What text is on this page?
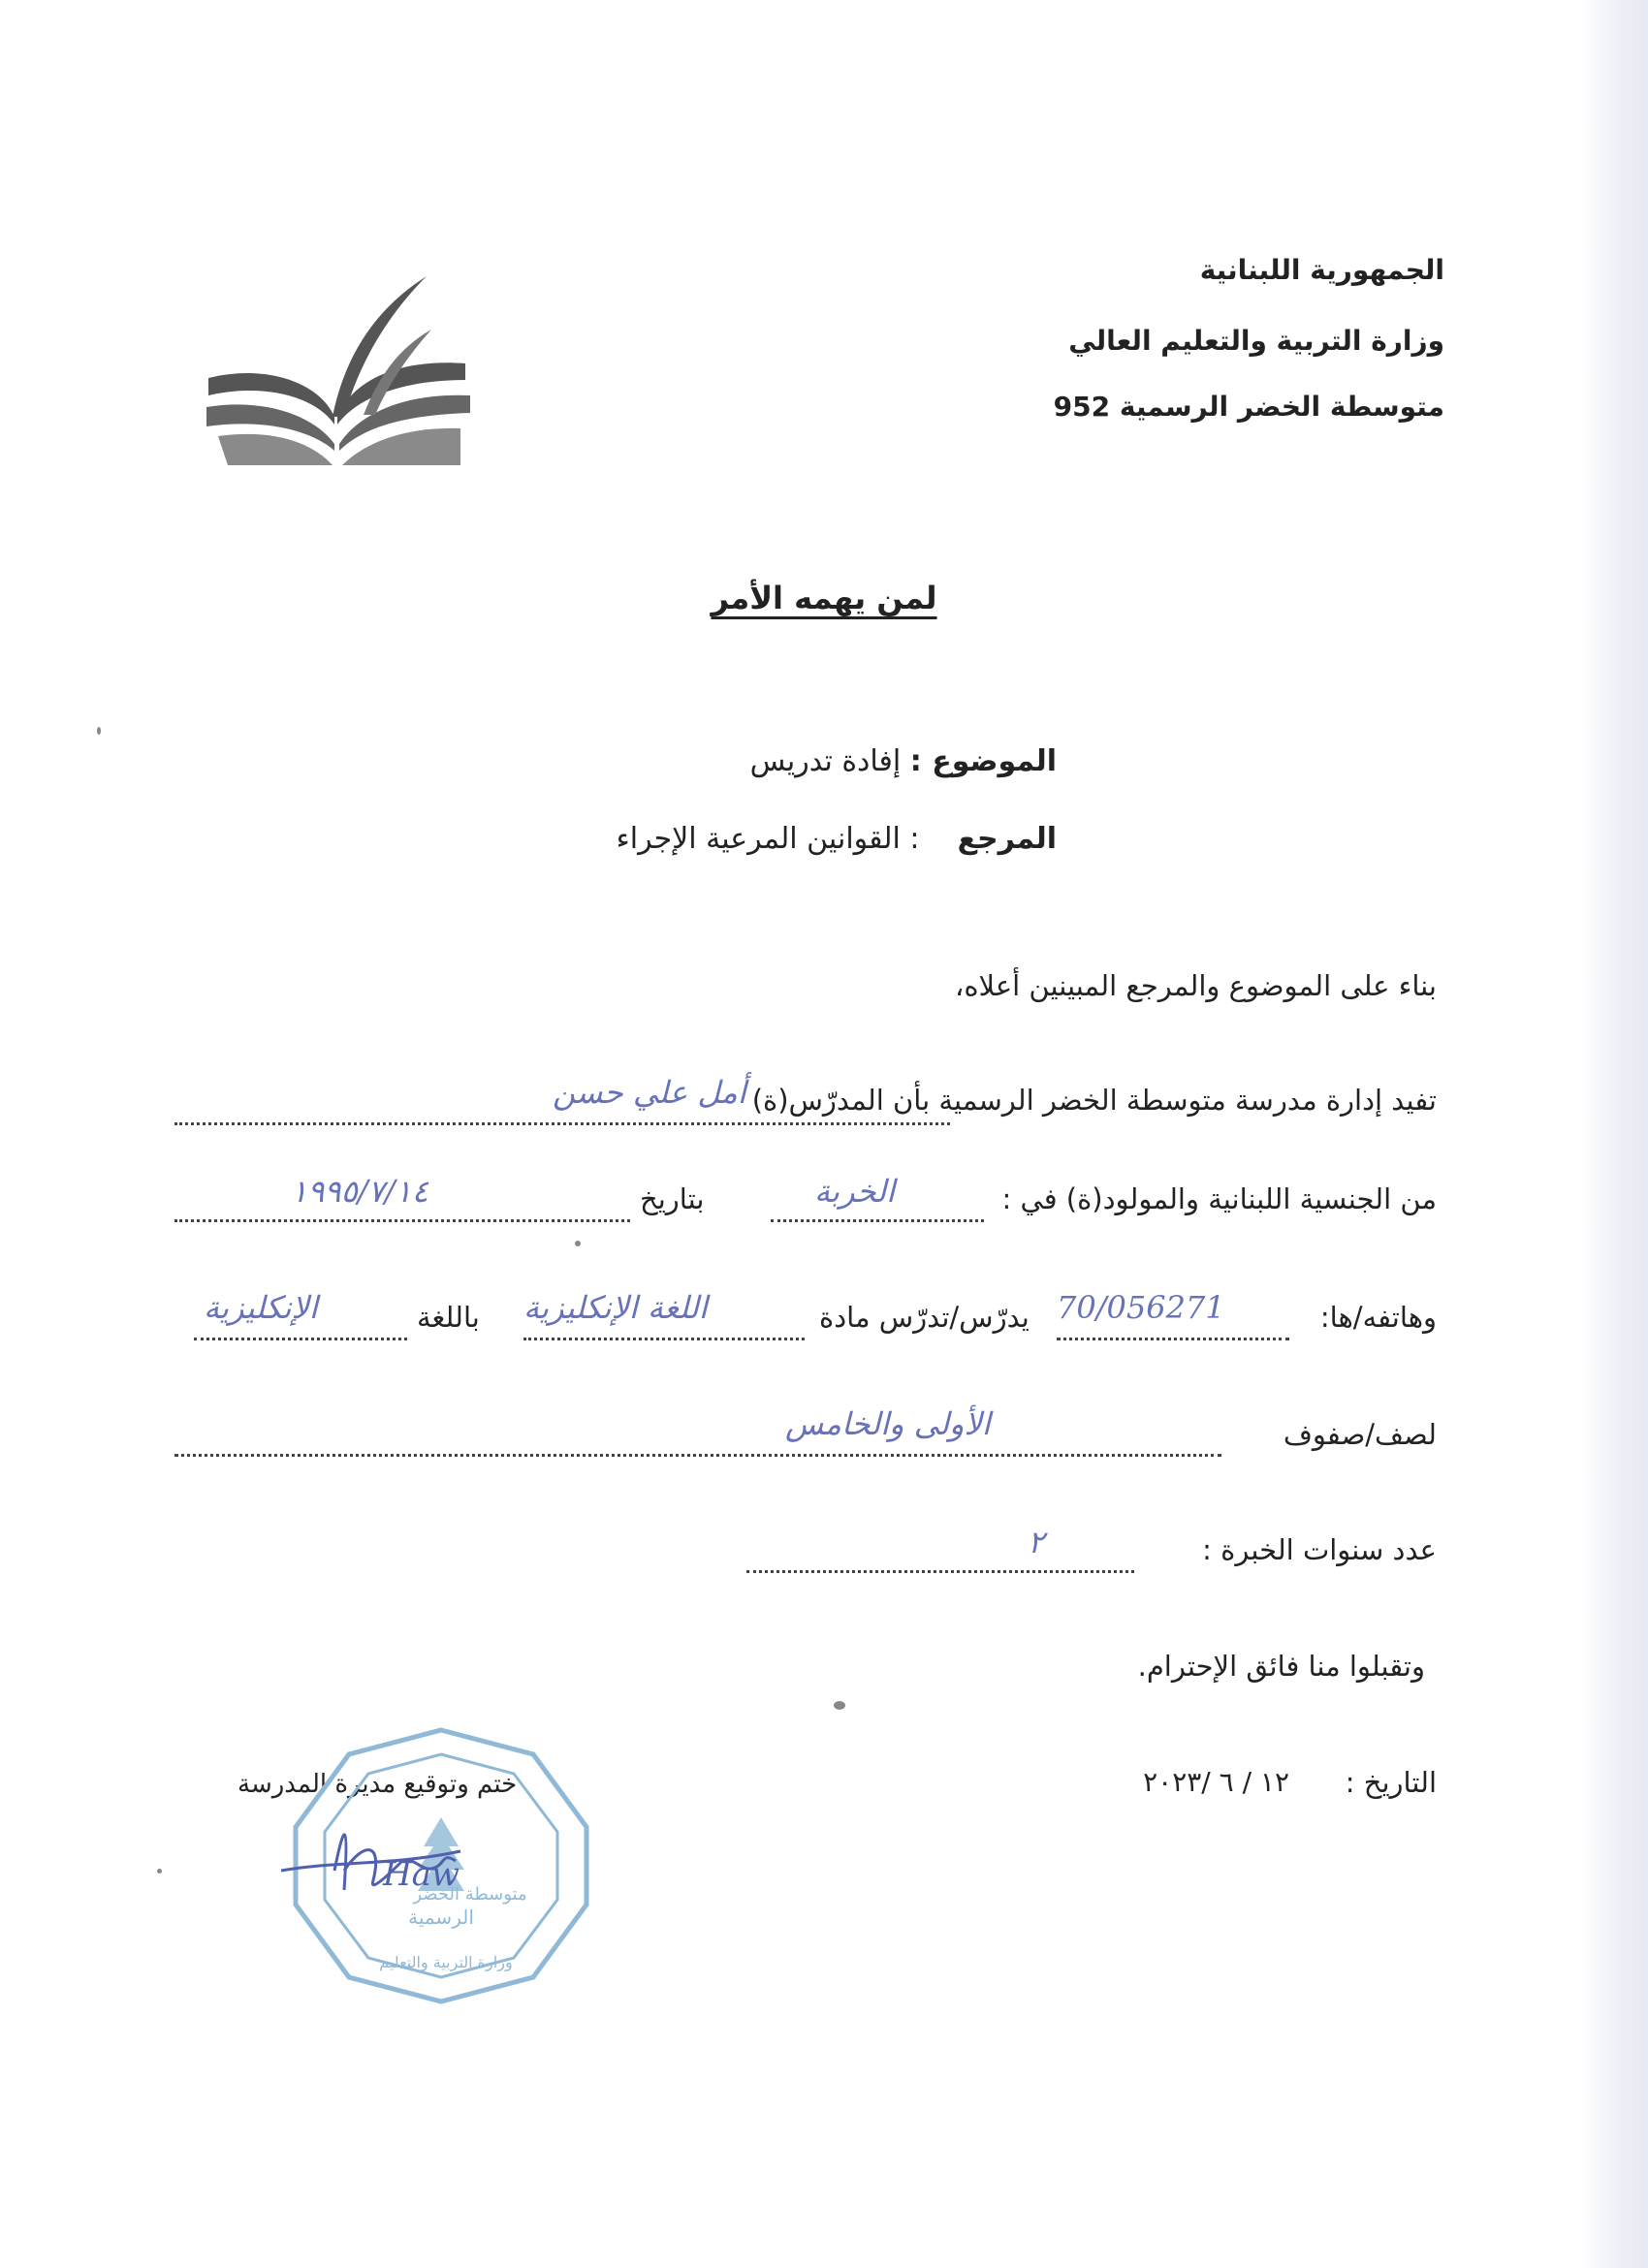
الجمهورية اللبنانية
وزارة التربية والتعليم العالي
متوسطة الخضر الرسمية 952
لمن يهمه الأمر
الموضوع : إفادة تدريس
المرجع  : القوانين المرعية الإجراء
بناء على الموضوع والمرجع المبينين أعلاه،
تفيد إدارة مدرسة متوسطة الخضر الرسمية بأن المدرّس(ة)
أمل علي حسن
من الجنسية اللبنانية والمولود(ة) في :
الخربة
بتاريخ
١٩٩٥/٧/١٤
وهاتفه/ها:
70/056271
يدرّس/تدرّس مادة
اللغة الإنكليزية
باللغة
الإنكليزية
لصف/صفوف
الأولى والخامس
عدد سنوات الخبرة :
٢
وتقبلوا منا فائق الإحترام.
التاريخ :
١٢ / ٦ /٢٠٢٣
ختم وتوقيع مديرة المدرسة
الرسمية
متوسطة الخضر
وزارة التربية والتعليم
Haw
